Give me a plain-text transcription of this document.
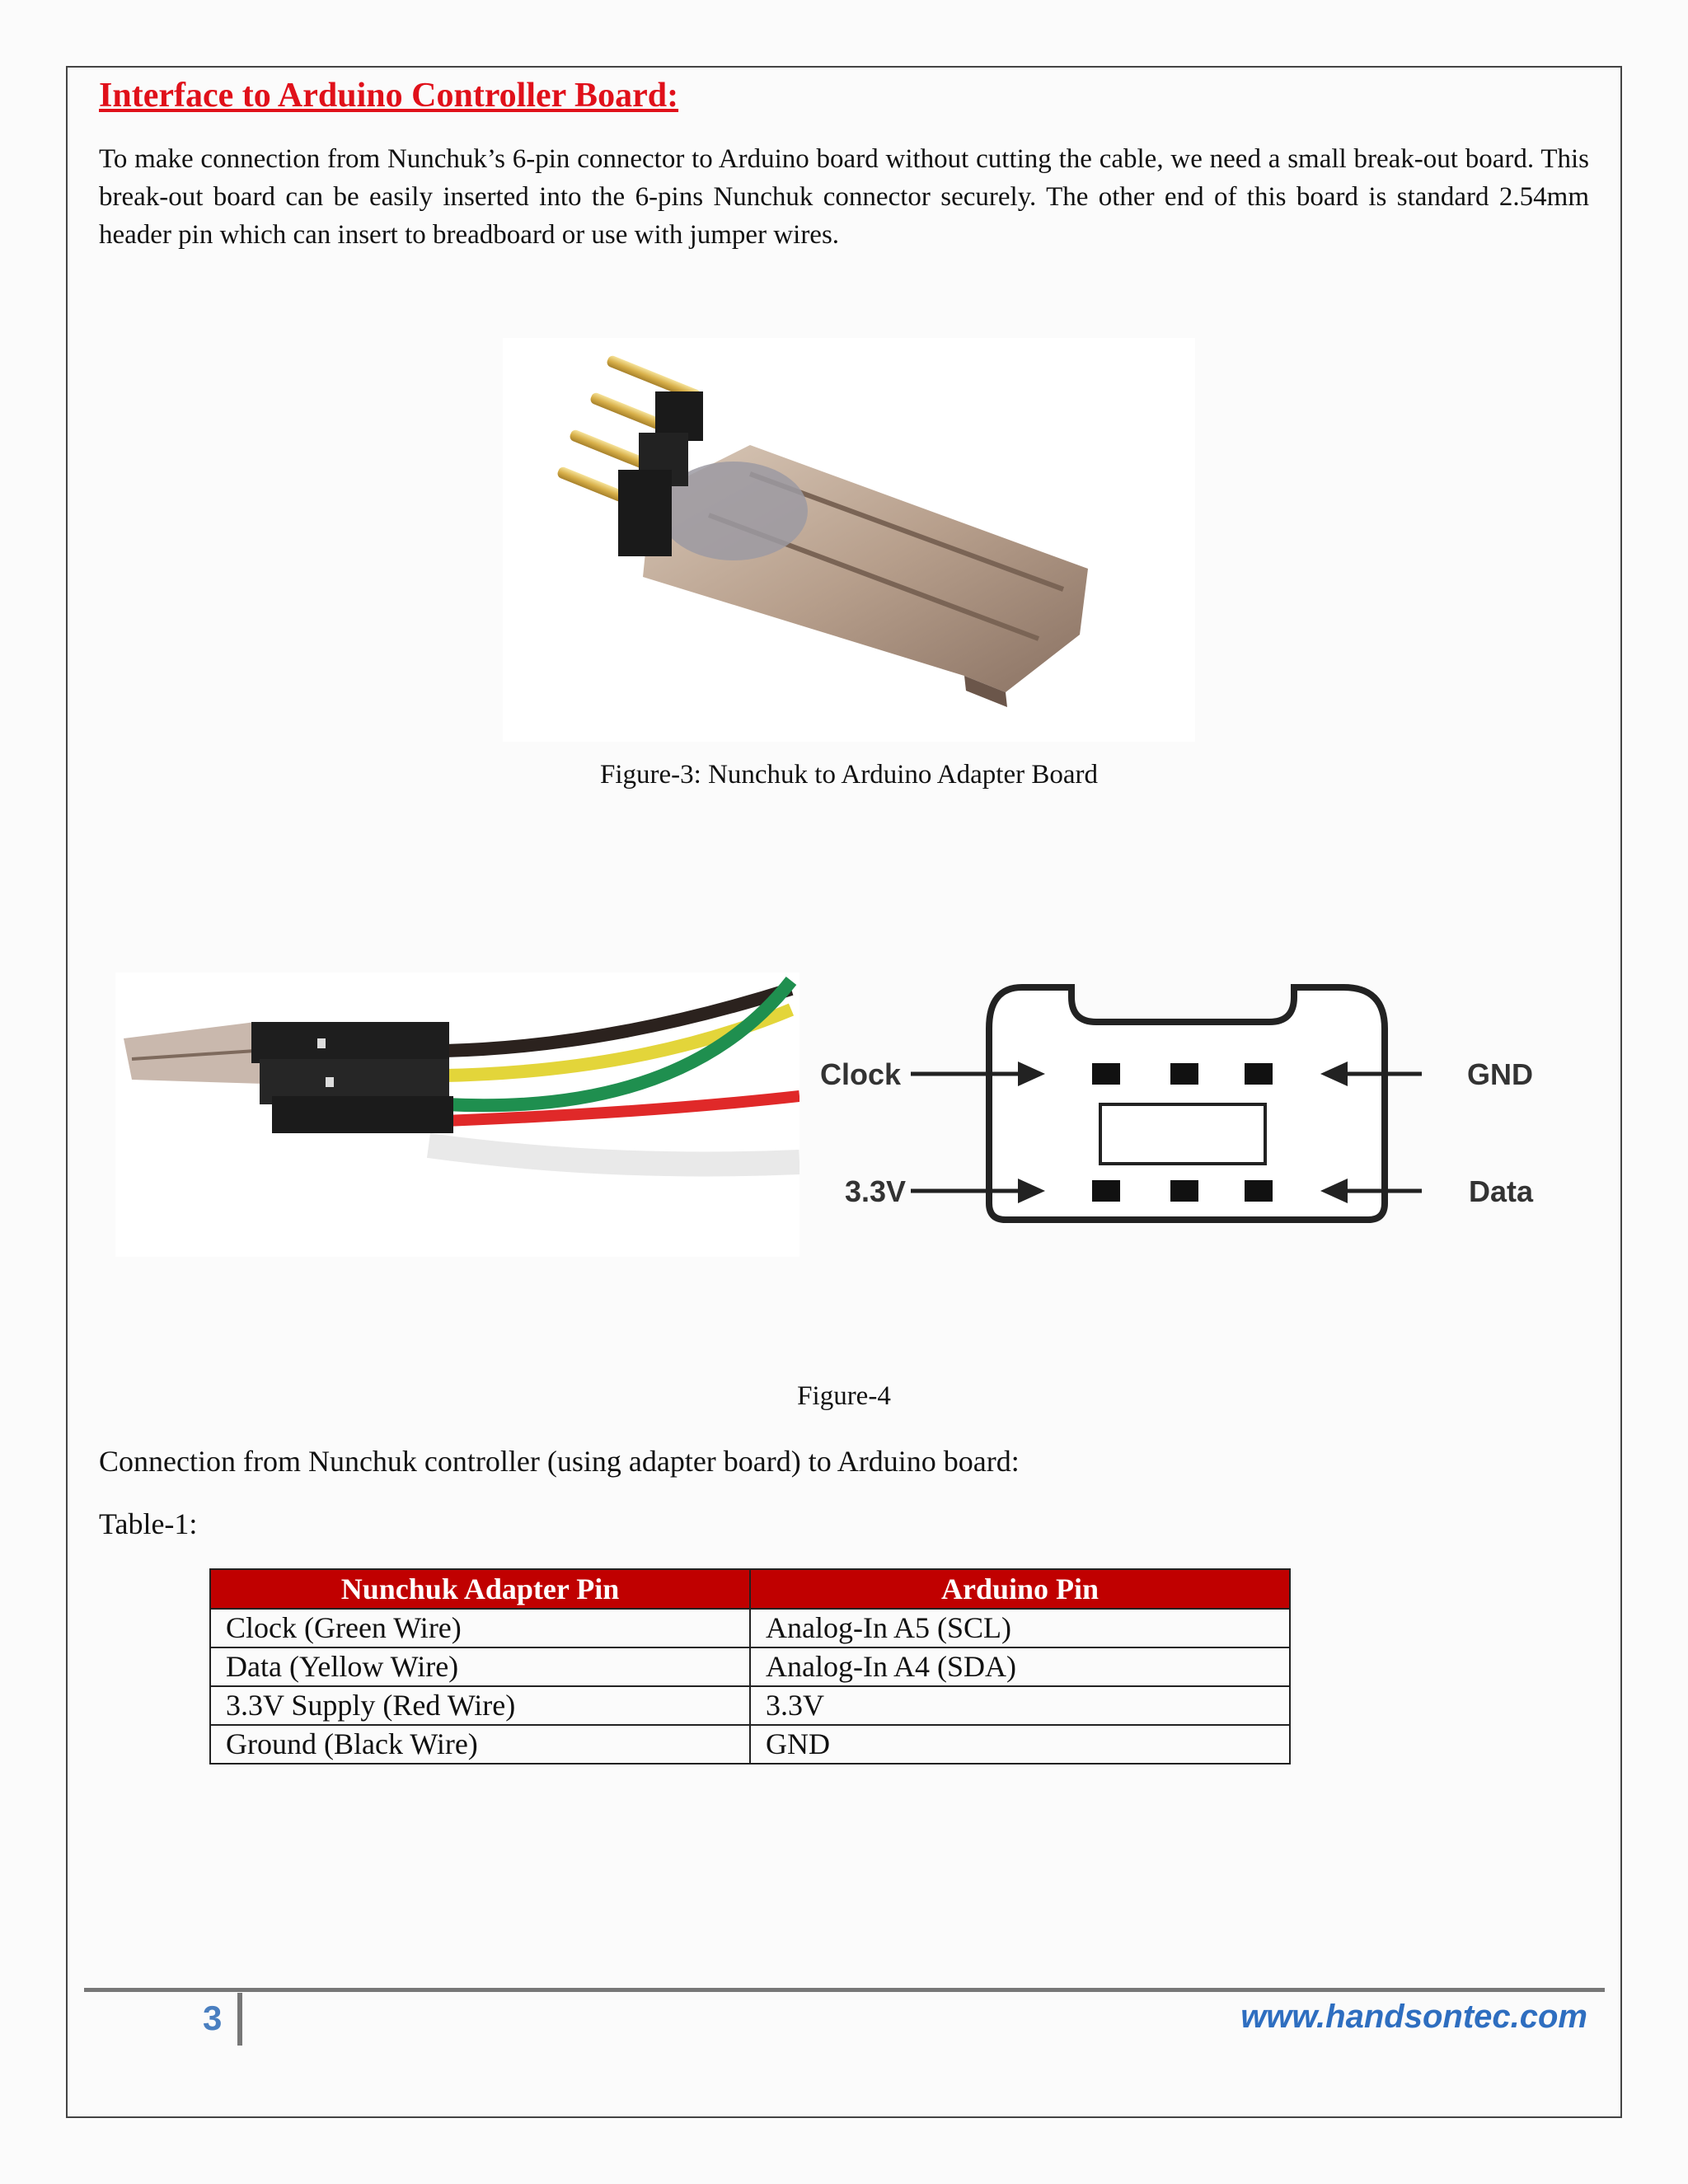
Interface to Arduino Controller Board:
To make connection from Nunchuk’s 6-pin connector to Arduino board without cutting the cable, we need a small break-out board. This break-out board can be easily inserted into the 6-pins Nunchuk connector securely. The other end of this board is standard 2.54mm header pin which can insert to breadboard or use with jumper wires.
Figure-3: Nunchuk to Arduino Adapter Board
Clock
3.3V
GND
Data
Figure-4
Connection from Nunchuk controller (using adapter board) to Arduino board:
Table-1:
Nunchuk Adapter Pin	Arduino Pin
Clock (Green Wire)	Analog-In A5 (SCL)
Data (Yellow Wire)	Analog-In A4 (SDA)
3.3V Supply (Red Wire)	3.3V
Ground (Black Wire)	GND
3	www.handsontec.com
